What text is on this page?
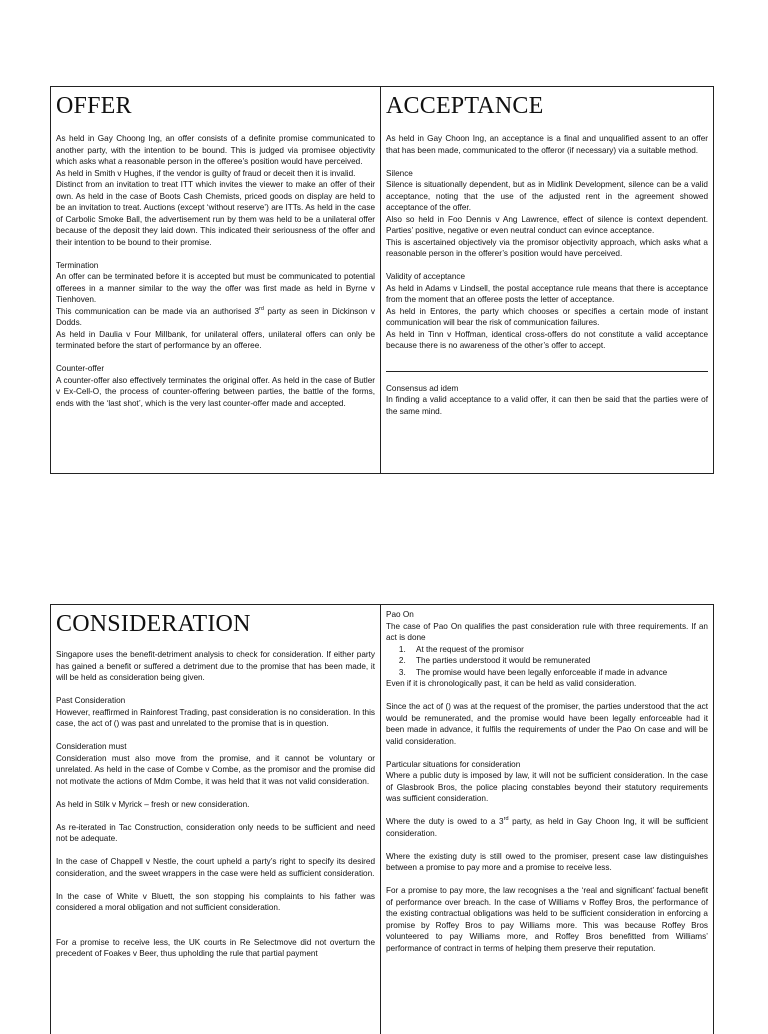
OFFER

As held in Gay Choong Ing, an offer consists of a definite promise communicated to another party, with the intention to be bound. This is judged via promisee objectivity which asks what a reasonable person in the offeree’s position would have perceived.

As held in Smith v Hughes, if the vendor is guilty of fraud or deceit then it is invalid.

Distinct from an invitation to treat ITT which invites the viewer to make an offer of their own. As held in the case of Boots Cash Chemists, priced goods on display are held to be an invitation to treat. Auctions (except ‘without reserve’) are ITTs. As held in the case of Carbolic Smoke Ball, the advertisement run by them was held to be a unilateral offer because of the deposit they laid down. This indicated their seriousness of the offer and their intention to be bound to their promise.

Termination

An offer can be terminated before it is accepted but must be communicated to potential offerees in a manner similar to the way the offer was first made as held in Byrne v Tienhoven.

This communication can be made via an authorised 3rd party as seen in Dickinson v Dodds.

As held in Daulia v Four Millbank, for unilateral offers, unilateral offers can only be terminated before the start of performance by an offeree.

Counter-offer

A counter-offer also effectively terminates the original offer. As held in the case of Butler v Ex-Cell-O, the process of counter-offering between parties, the battle of the forms, ends with the ‘last shot’, which is the very last counter-offer made and accepted.

ACCEPTANCE

As held in Gay Choon Ing, an acceptance is a final and unqualified assent to an offer that has been made, communicated to the offeror (if necessary) via a suitable method.

Silence

Silence is situationally dependent, but as in Midlink Development, silence can be a valid acceptance, noting that the use of the adjusted rent in the agreement showed acceptance of the offer.

Also so held in Foo Dennis v Ang Lawrence, effect of silence is context dependent. Parties’ positive, negative or even neutral conduct can evince acceptance.

This is ascertained objectively via the promisor objectivity approach, which asks what a reasonable person in the offerer’s position would have perceived.

Validity of acceptance

As held in Adams v Lindsell, the postal acceptance rule means that there is acceptance from the moment that an offeree posts the letter of acceptance.

As held in Entores, the party which chooses or specifies a certain mode of instant communication will bear the risk of communication failures.

As held in Tinn v Hoffman, identical cross-offers do not constitute a valid acceptance because there is no awareness of the other’s offer to accept.

Consensus ad idem

In finding a valid acceptance to a valid offer, it can then be said that the parties were of the same mind.

CONSIDERATION

Singapore uses the benefit-detriment analysis to check for consideration. If either party has gained a benefit or suffered a detriment due to the promise that has been made, it will be held as consideration being given.

Past Consideration

However, reaffirmed in Rainforest Trading, past consideration is no consideration. In this case, the act of () was past and unrelated to the promise that is in question.

Consideration must

Consideration must also move from the promise, and it cannot be voluntary or unrelated. As held in the case of Combe v Combe, as the promisor and the promise did not motivate the actions of Mdm Combe, it was held that it was not valid consideration.

As held in Stilk v Myrick – fresh or new consideration.

As re-iterated in Tac Construction, consideration only needs to be sufficient and need not be adequate.

In the case of Chappell v Nestle, the court upheld a party’s right to specify its desired consideration, and the sweet wrappers in the case were held as sufficient consideration.

In the case of White v Bluett, the son stopping his complaints to his father was considered a moral obligation and not sufficient consideration.

For a promise to receive less, the UK courts in Re Selectmove did not overturn the precedent of Foakes v Beer, thus upholding the rule that partial payment

Pao On

The case of Pao On qualifies the past consideration rule with three requirements. If an act is done

1. At the request of the promisor
2. The parties understood it would be remunerated
3. The promise would have been legally enforceable if made in advance

Even if it is chronologically past, it can be held as valid consideration.

Since the act of () was at the request of the promiser, the parties understood that the act would be remunerated, and the promise would have been legally enforceable had it been made in advance, it fulfils the requirements of under the Pao On case and will be valid consideration.

Particular situations for consideration

Where a public duty is imposed by law, it will not be sufficient consideration. In the case of Glasbrook Bros, the police placing constables beyond their statutory requirements was sufficient consideration.

Where the duty is owed to a 3rd party, as held in Gay Choon Ing, it will be sufficient consideration.

Where the existing duty is still owed to the promiser, present case law distinguishes between a promise to pay more and a promise to receive less.

For a promise to pay more, the law recognises a the ‘real and significant’ factual benefit of performance over breach. In the case of Williams v Roffey Bros, the performance of the existing contractual obligations was held to be sufficient consideration in enforcing a promise by Roffey Bros to pay Williams more. This was because Roffey Bros volunteered to pay Williams more, and Roffey Bros benefitted from Williams’ performance of contract in terms of helping them preserve their reputation.
